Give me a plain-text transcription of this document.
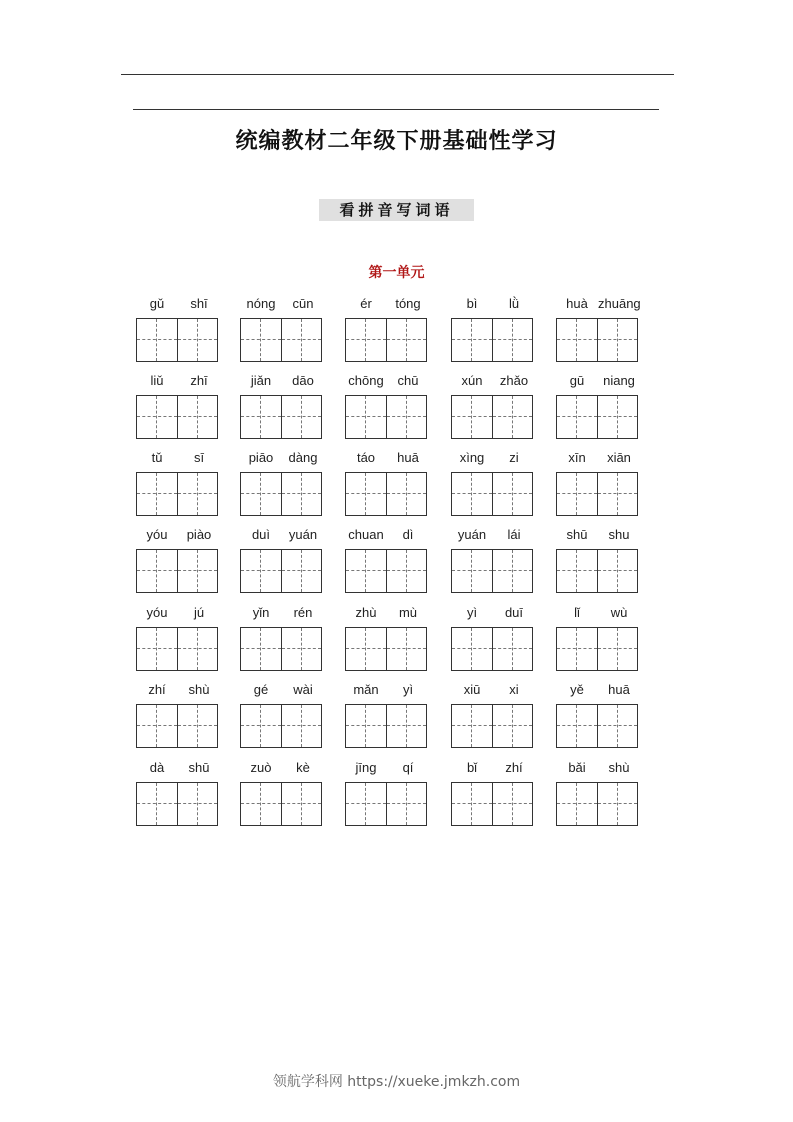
统编教材二年级下册基础性学习
看拼音写词语
第一单元
gǔ	shī	nóng	cūn	ér	tóng	bì	lǜ	huà zhuāng
liǔ	zhī	jiǎn	dāo	chōng	chū	xún	zhǎo	gū	niang
tǔ	sī	piāo	dàng	táo	huā	xìng	zi	xīn	xiān
yóu	piào	duì	yuán	chuan	dì	yuán	lái	shū	shu
yóu	jú	yǐn	rén	zhù	mù	yì	duī	lǐ	wù
zhí	shù	gé	wài	mǎn	yì	xiū	xi	yě	huā
dà	shū	zuò	kè	jīng	qí	bǐ	zhí	bǎi	shù
领航学科网 https://xueke.jmkzh.com
